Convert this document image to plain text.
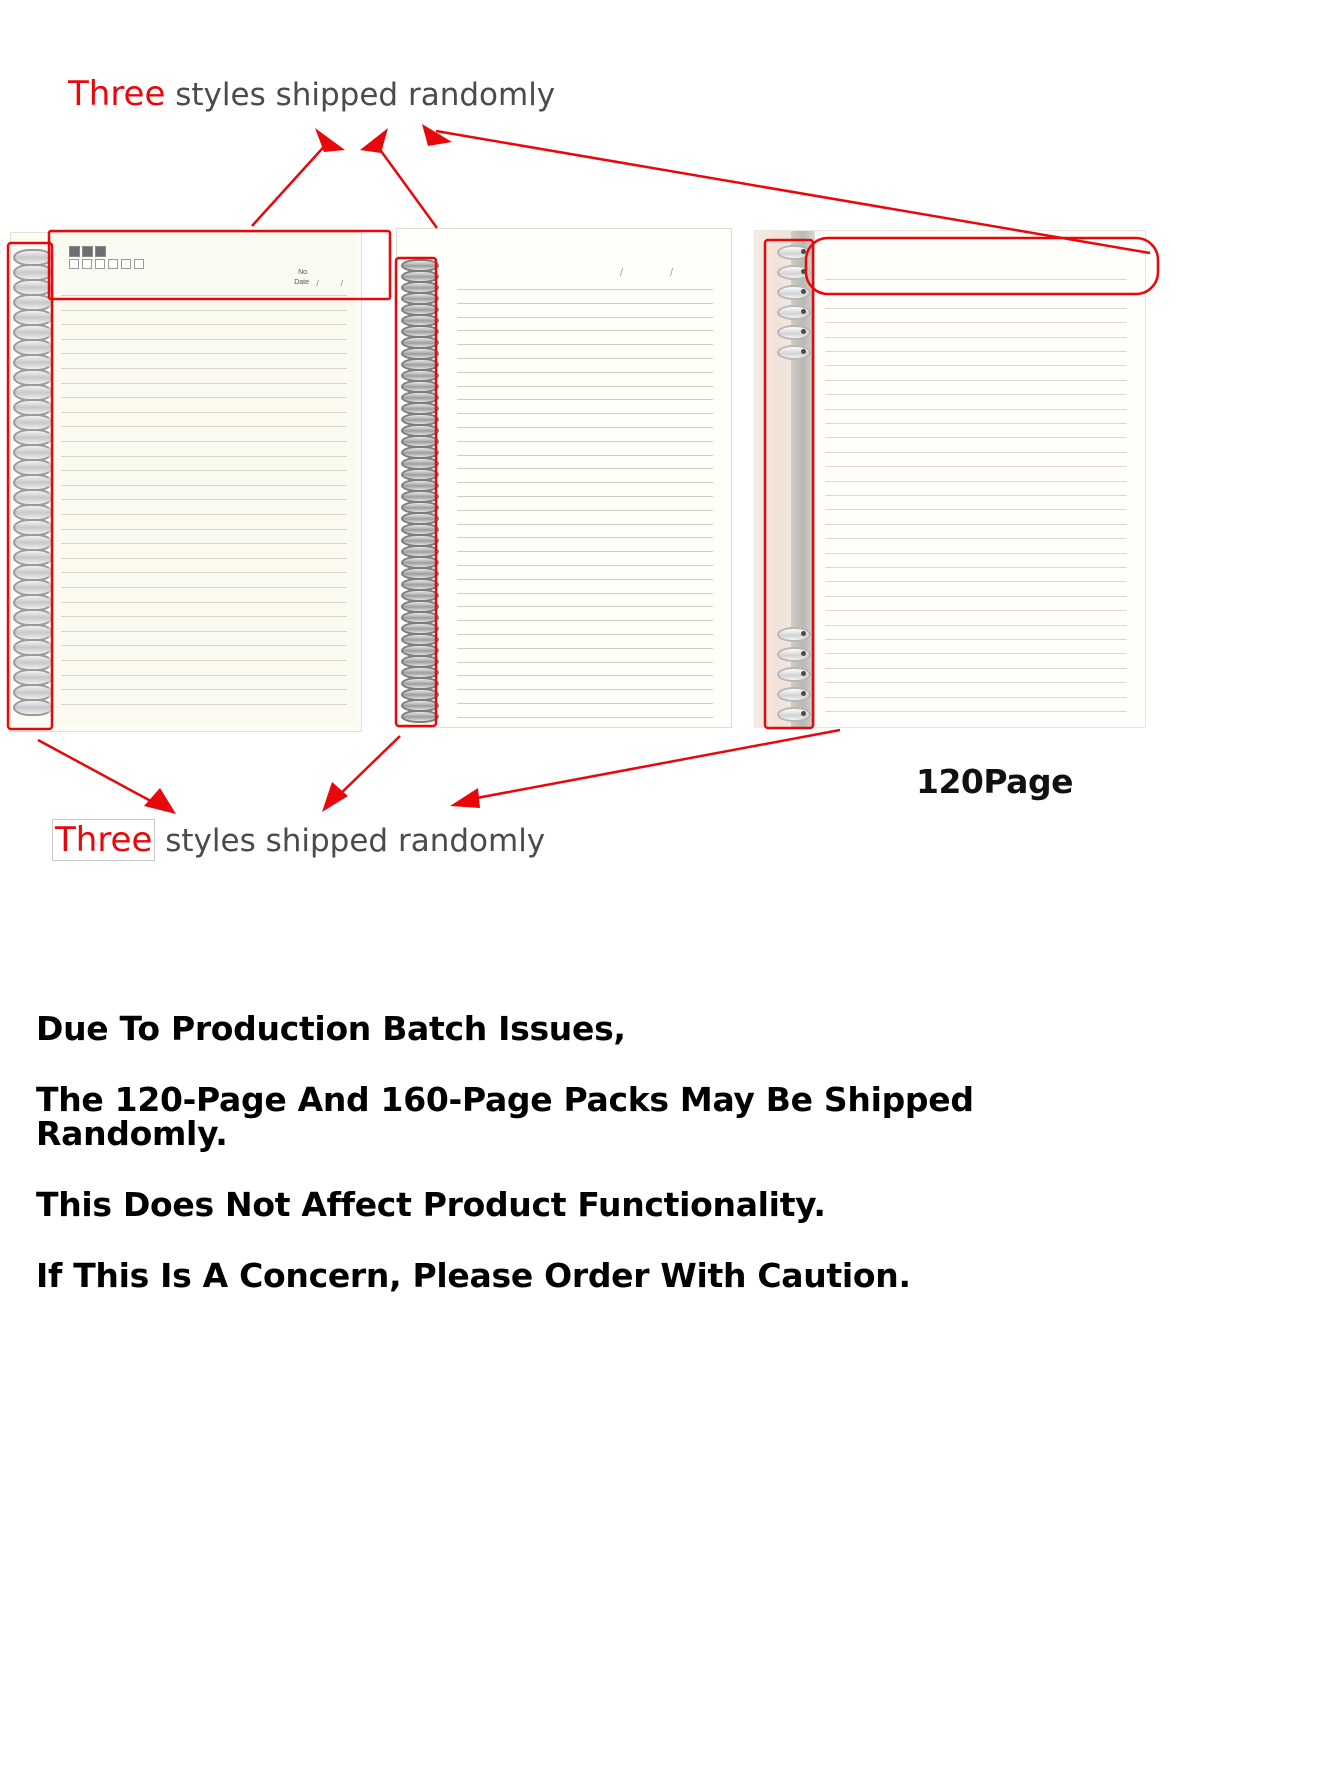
No.
Date / /
/ /
Three styles shipped randomly
Three styles shipped randomly
120Page

Due To Production Batch Issues,

The 120-Page And 160-Page Packs May Be Shipped Randomly.

This Does Not Affect Product Functionality.

If This Is A Concern, Please Order With Caution.
